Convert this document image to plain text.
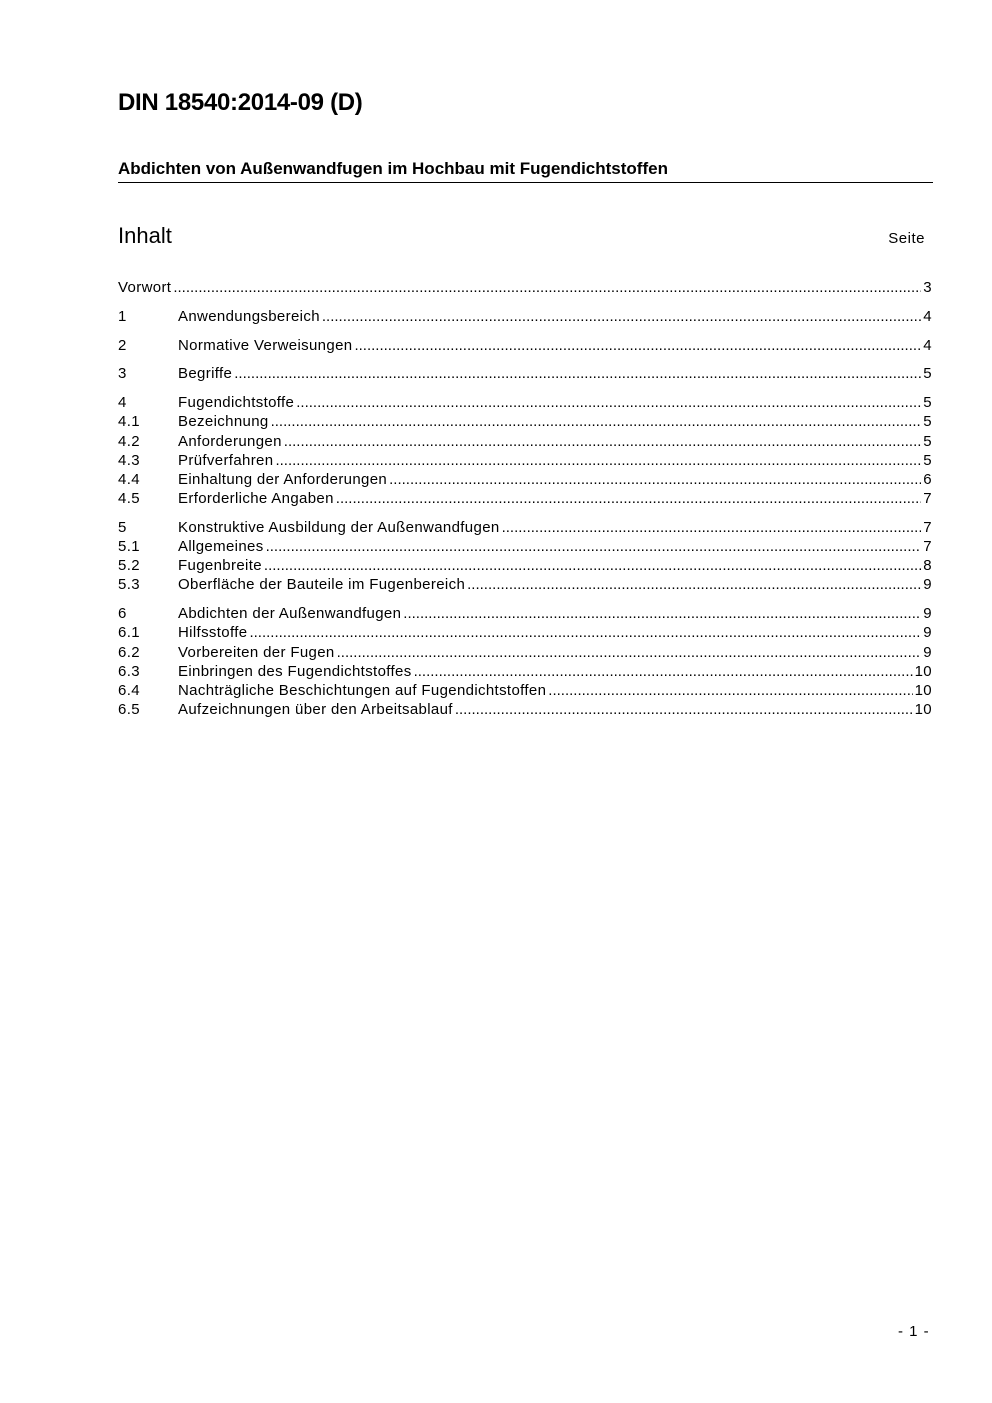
DIN 18540:2014-09 (D)
Abdichten von Außenwandfugen im Hochbau mit Fugendichtstoffen
Inhalt	Seite
Vorwort .....	3
1	Anwendungsbereich .....	4
2	Normative Verweisungen .....	4
3	Begriffe .....	5
4	Fugendichtstoffe .....	5
4.1	Bezeichnung .....	5
4.2	Anforderungen .....	5
4.3	Prüfverfahren .....	5
4.4	Einhaltung der Anforderungen .....	6
4.5	Erforderliche Angaben .....	7
5	Konstruktive Ausbildung der Außenwandfugen .....	7
5.1	Allgemeines .....	7
5.2	Fugenbreite .....	8
5.3	Oberfläche der Bauteile im Fugenbereich .....	9
6	Abdichten der Außenwandfugen .....	9
6.1	Hilfsstoffe .....	9
6.2	Vorbereiten der Fugen .....	9
6.3	Einbringen des Fugendichtstoffes .....	10
6.4	Nachträgliche Beschichtungen auf Fugendichtstoffen .....	10
6.5	Aufzeichnungen über den Arbeitsablauf .....	10
- 1 -
